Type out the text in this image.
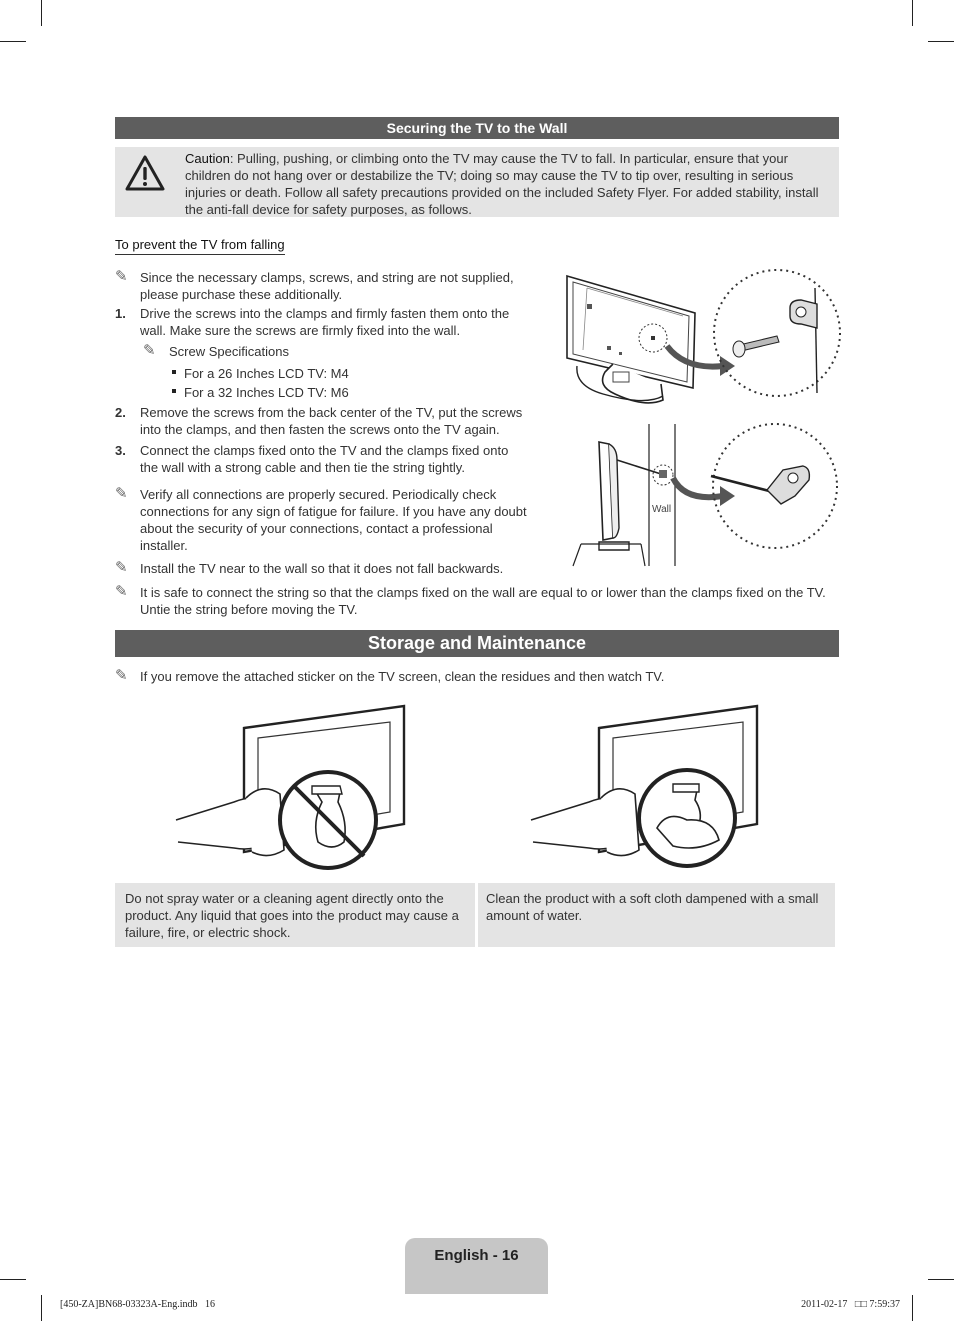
Securing the TV to the Wall
Caution: Pulling, pushing, or climbing onto the TV may cause the TV to fall. In particular, ensure that your children do not hang over or destabilize the TV; doing so may cause the TV to tip over, resulting in serious injuries or death. Follow all safety precautions provided on the included Safety Flyer. For added stability, install the anti-fall device for safety purposes, as follows.
To prevent the TV from falling
✎ Since the necessary clamps, screws, and string are not supplied, please purchase these additionally.
1. Drive the screws into the clamps and firmly fasten them onto the wall. Make sure the screws are firmly fixed into the wall.
✎ Screw Specifications
For a 26 Inches LCD TV: M4
For a 32 Inches LCD TV: M6
2. Remove the screws from the back center of the TV, put the screws into the clamps, and then fasten the screws onto the TV again.
3. Connect the clamps fixed onto the TV and the clamps fixed onto the wall with a strong cable and then tie the string tightly.
✎ Verify all connections are properly secured. Periodically check connections for any sign of fatigue for failure. If you have any doubt about the security of your connections, contact a professional installer.
✎ Install the TV near to the wall so that it does not fall backwards.
✎ It is safe to connect the string so that the clamps fixed on the wall are equal to or lower than the clamps fixed on the TV. Untie the string before moving the TV.
Wall
Storage and Maintenance
✎ If you remove the attached sticker on the TV screen, clean the residues and then watch TV.
Do not spray water or a cleaning agent directly onto the product. Any liquid that goes into the product may cause a failure, fire, or electric shock.
Clean the product with a soft cloth dampened with a small amount of water.
English - 16
[450-ZA]BN68-03323A-Eng.indb   16	2011-02-17   □□ 7:59:37
